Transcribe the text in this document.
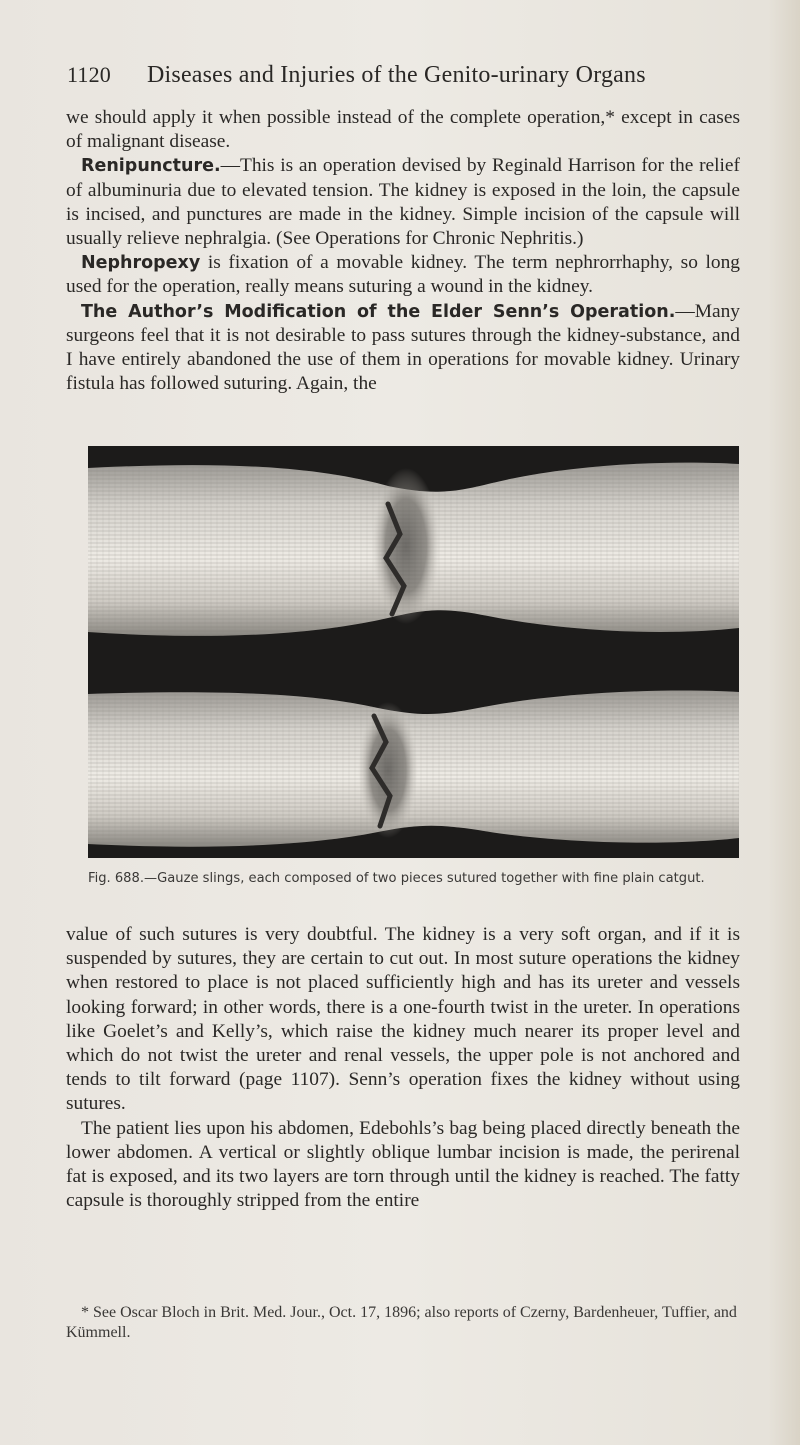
1120 Diseases and Injuries of the Genito-urinary Organs

we should apply it when possible instead of the complete operation,* except in cases of malignant disease.

Renipuncture.—This is an operation devised by Reginald Harrison for the relief of albuminuria due to elevated tension. The kidney is exposed in the loin, the capsule is incised, and punctures are made in the kidney. Simple incision of the capsule will usually relieve nephralgia. (See Operations for Chronic Nephritis.)

Nephropexy is fixation of a movable kidney. The term nephrorrhaphy, so long used for the operation, really means suturing a wound in the kidney.

The Author’s Modification of the Elder Senn’s Operation.—Many surgeons feel that it is not desirable to pass sutures through the kidney-substance, and I have entirely abandoned the use of them in operations for movable kidney. Urinary fistula has followed suturing. Again, the

Fig. 688.—Gauze slings, each composed of two pieces sutured together with fine plain catgut.

value of such sutures is very doubtful. The kidney is a very soft organ, and if it is suspended by sutures, they are certain to cut out. In most suture operations the kidney when restored to place is not placed sufficiently high and has its ureter and vessels looking forward; in other words, there is a one-fourth twist in the ureter. In operations like Goelet’s and Kelly’s, which raise the kidney much nearer its proper level and which do not twist the ureter and renal vessels, the upper pole is not anchored and tends to tilt forward (page 1107). Senn’s operation fixes the kidney without using sutures.

The patient lies upon his abdomen, Edebohls’s bag being placed directly beneath the lower abdomen. A vertical or slightly oblique lumbar incision is made, the perirenal fat is exposed, and its two layers are torn through until the kidney is reached. The fatty capsule is thoroughly stripped from the entire

* See Oscar Bloch in Brit. Med. Jour., Oct. 17, 1896; also reports of Czerny, Bardenheuer, Tuffier, and Kümmell.
